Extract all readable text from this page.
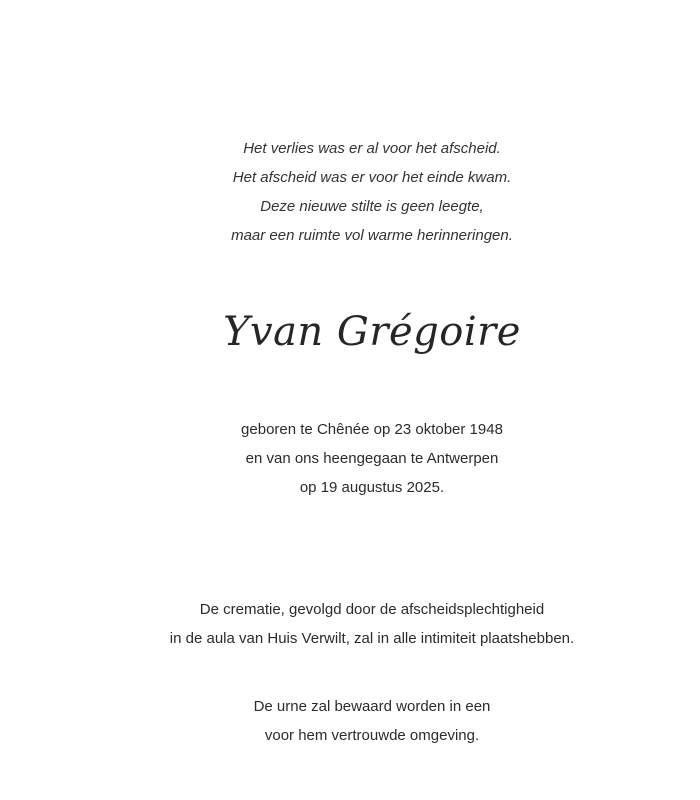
Het verlies was er al voor het afscheid.
Het afscheid was er voor het einde kwam.
Deze nieuwe stilte is geen leegte,
maar een ruimte vol warme herinneringen.
Yvan Grégoire
geboren te Chênée op 23 oktober 1948
en van ons heengegaan te Antwerpen
op 19 augustus 2025.
De crematie, gevolgd door de afscheidsplechtigheid
in de aula van Huis Verwilt, zal in alle intimiteit plaatshebben.
De urne zal bewaard worden in een
voor hem vertrouwde omgeving.
